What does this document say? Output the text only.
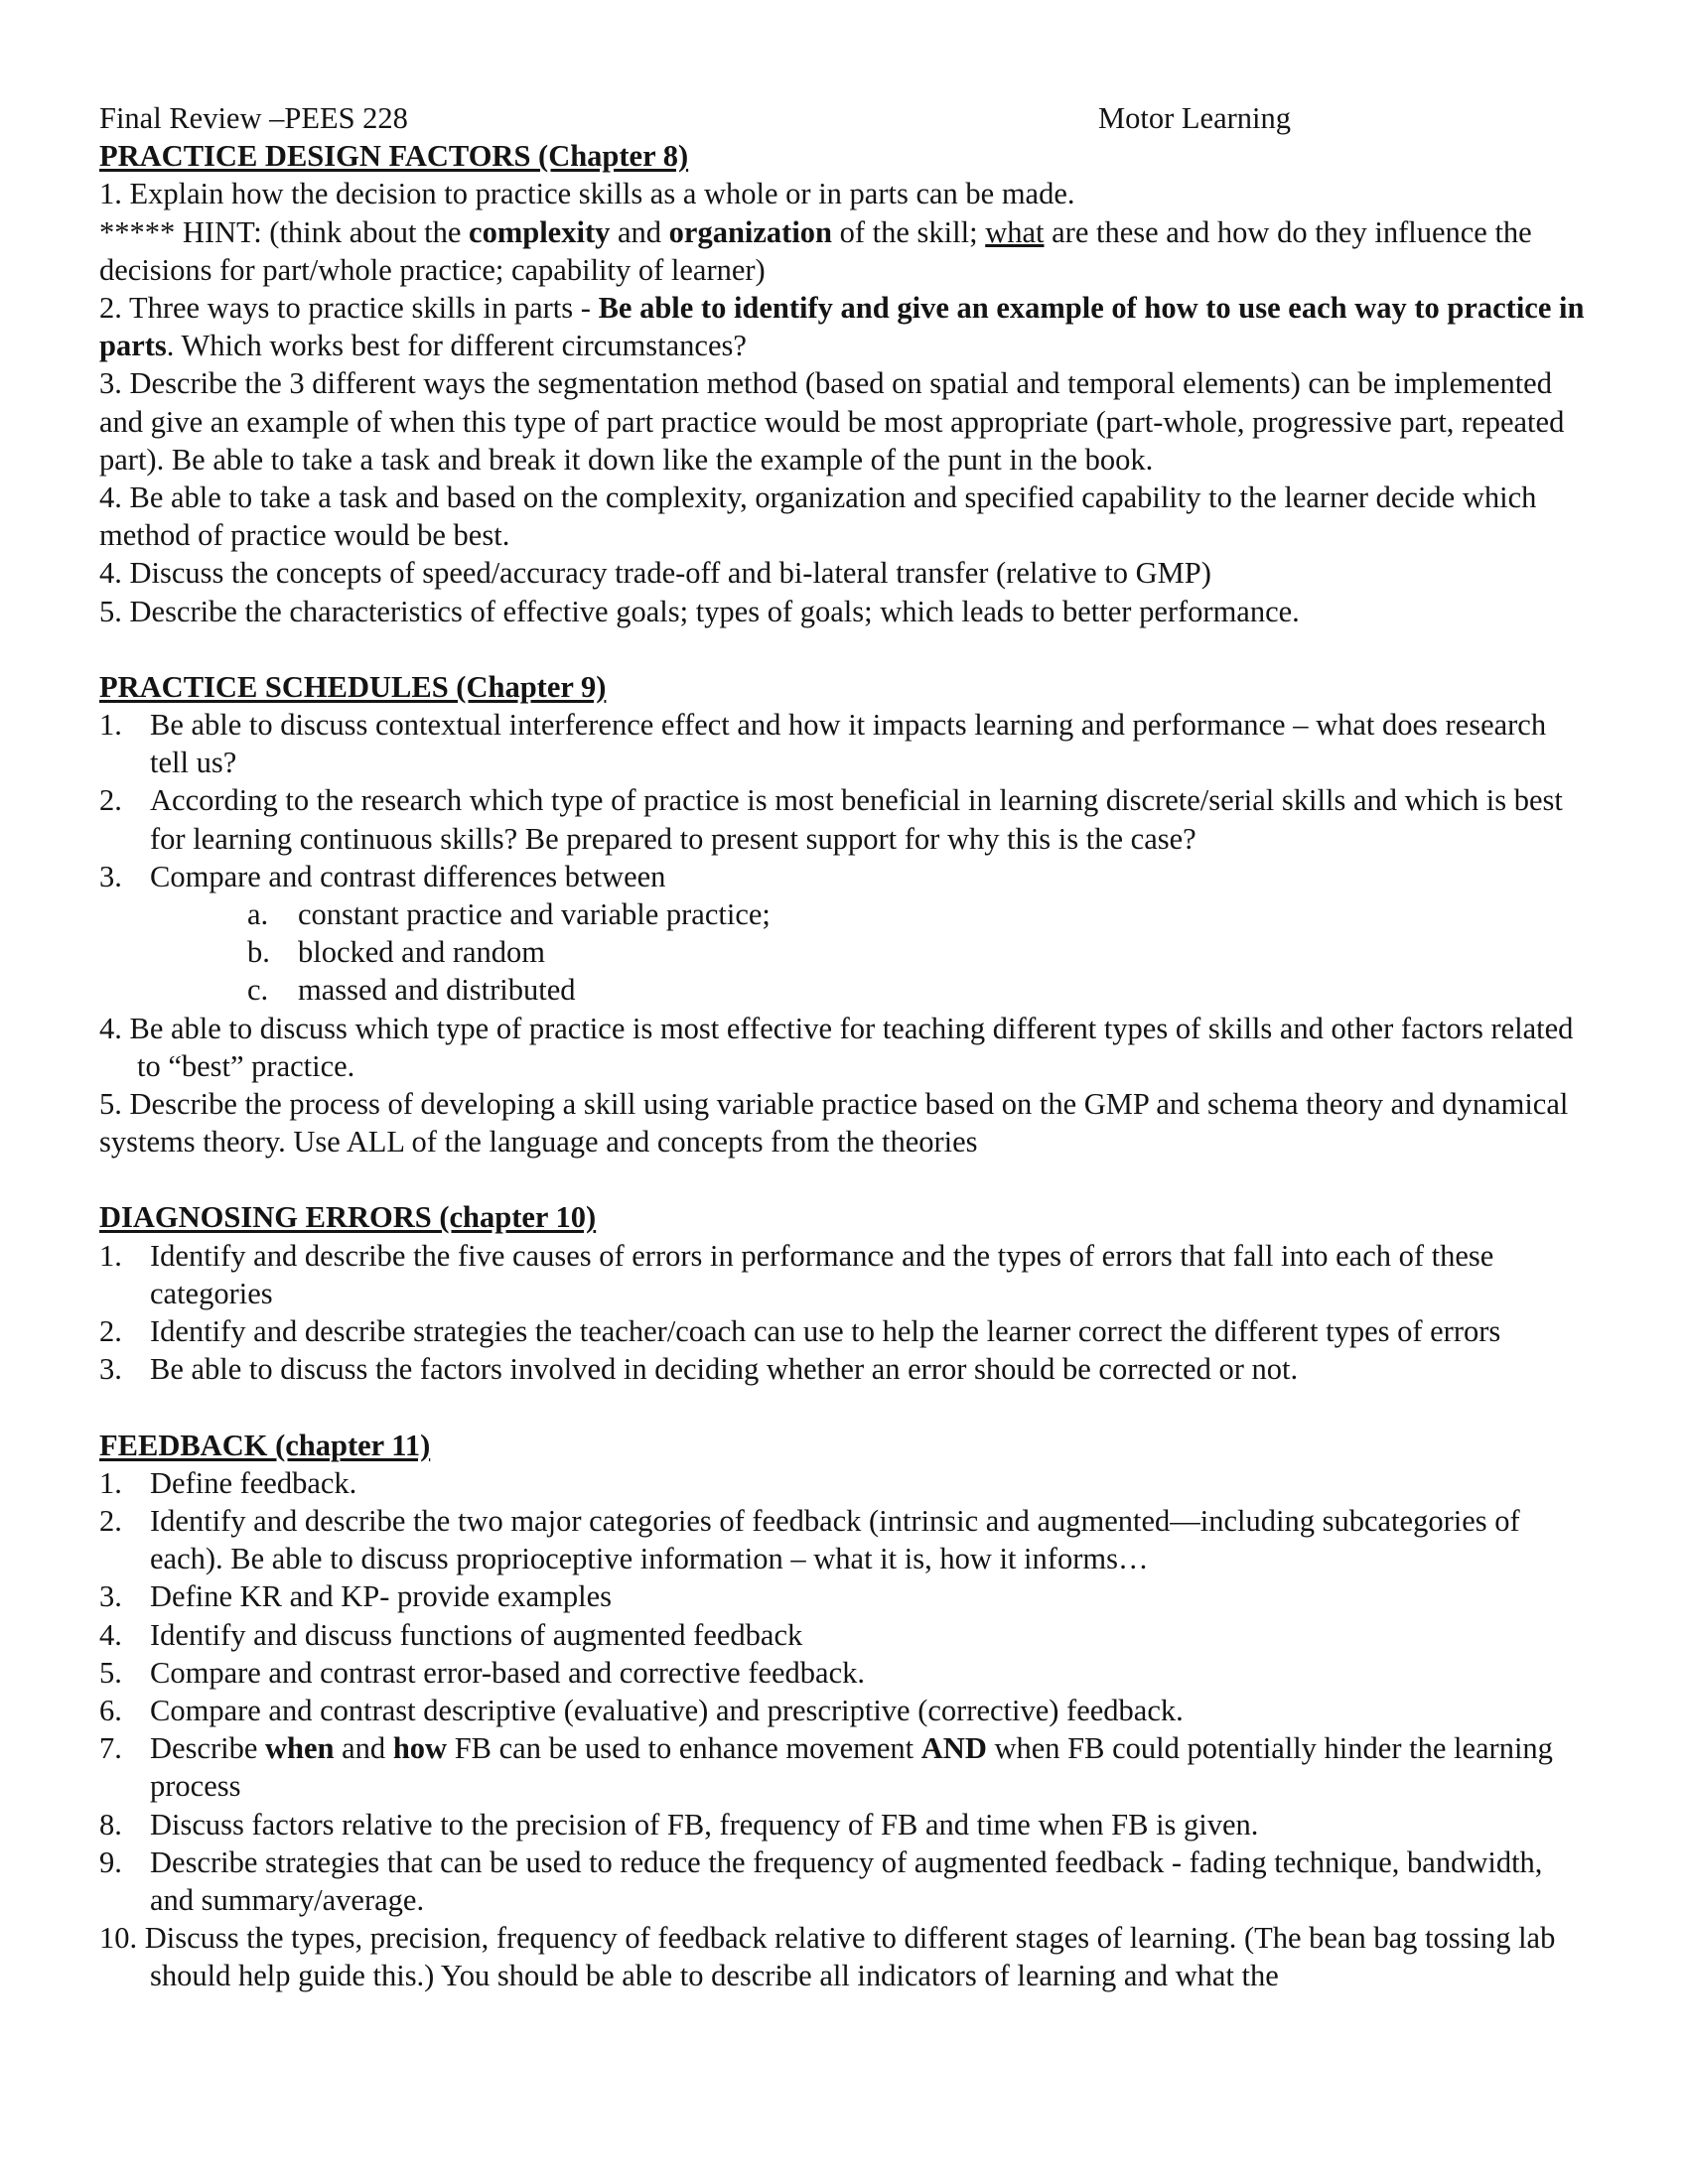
Final Review –PEES 228	Motor Learning
PRACTICE DESIGN FACTORS (Chapter 8)

1. Explain how the decision to practice skills as a whole or in parts can be made.

***** HINT: (think about the complexity and organization of the skill; what are these and how do they influence the decisions for part/whole practice; capability of learner)

2. Three ways to practice skills in parts - Be able to identify and give an example of how to use each way to practice in parts. Which works best for different circumstances?

3. Describe the 3 different ways the segmentation method (based on spatial and temporal elements) can be implemented and give an example of when this type of part practice would be most appropriate (part-whole, progressive part, repeated part). Be able to take a task and break it down like the example of the punt in the book.

4. Be able to take a task and based on the complexity, organization and specified capability to the learner decide which method of practice would be best.

4. Discuss the concepts of speed/accuracy trade-off and bi-lateral transfer (relative to GMP)

5. Describe the characteristics of effective goals; types of goals; which leads to better performance.

PRACTICE SCHEDULES (Chapter 9)
1. Be able to discuss contextual interference effect and how it impacts learning and performance – what does research tell us?
2. According to the research which type of practice is most beneficial in learning discrete/serial skills and which is best for learning continuous skills? Be prepared to present support for why this is the case?
3. Compare and contrast differences between
a. constant practice and variable practice;
b. blocked and random
c. massed and distributed

4. Be able to discuss which type of practice is most effective for teaching different types of skills and other factors related to “best” practice.

5. Describe the process of developing a skill using variable practice based on the GMP and schema theory and dynamical systems theory. Use ALL of the language and concepts from the theories

DIAGNOSING ERRORS (chapter 10)
1. Identify and describe the five causes of errors in performance and the types of errors that fall into each of these categories
2. Identify and describe strategies the teacher/coach can use to help the learner correct the different types of errors
3. Be able to discuss the factors involved in deciding whether an error should be corrected or not.
FEEDBACK (chapter 11)
1. Define feedback.
2. Identify and describe the two major categories of feedback (intrinsic and augmented—including subcategories of each). Be able to discuss proprioceptive information – what it is, how it informs…
3. Define KR and KP- provide examples
4. Identify and discuss functions of augmented feedback
5. Compare and contrast error-based and corrective feedback.
6. Compare and contrast descriptive (evaluative) and prescriptive (corrective) feedback.
7. Describe when and how FB can be used to enhance movement AND when FB could potentially hinder the learning process
8. Discuss factors relative to the precision of FB, frequency of FB and time when FB is given.
9. Describe strategies that can be used to reduce the frequency of augmented feedback - fading technique, bandwidth, and summary/average.

10. Discuss the types, precision, frequency of feedback relative to different stages of learning. (The bean bag tossing lab should help guide this.) You should be able to describe all indicators of learning and what the
